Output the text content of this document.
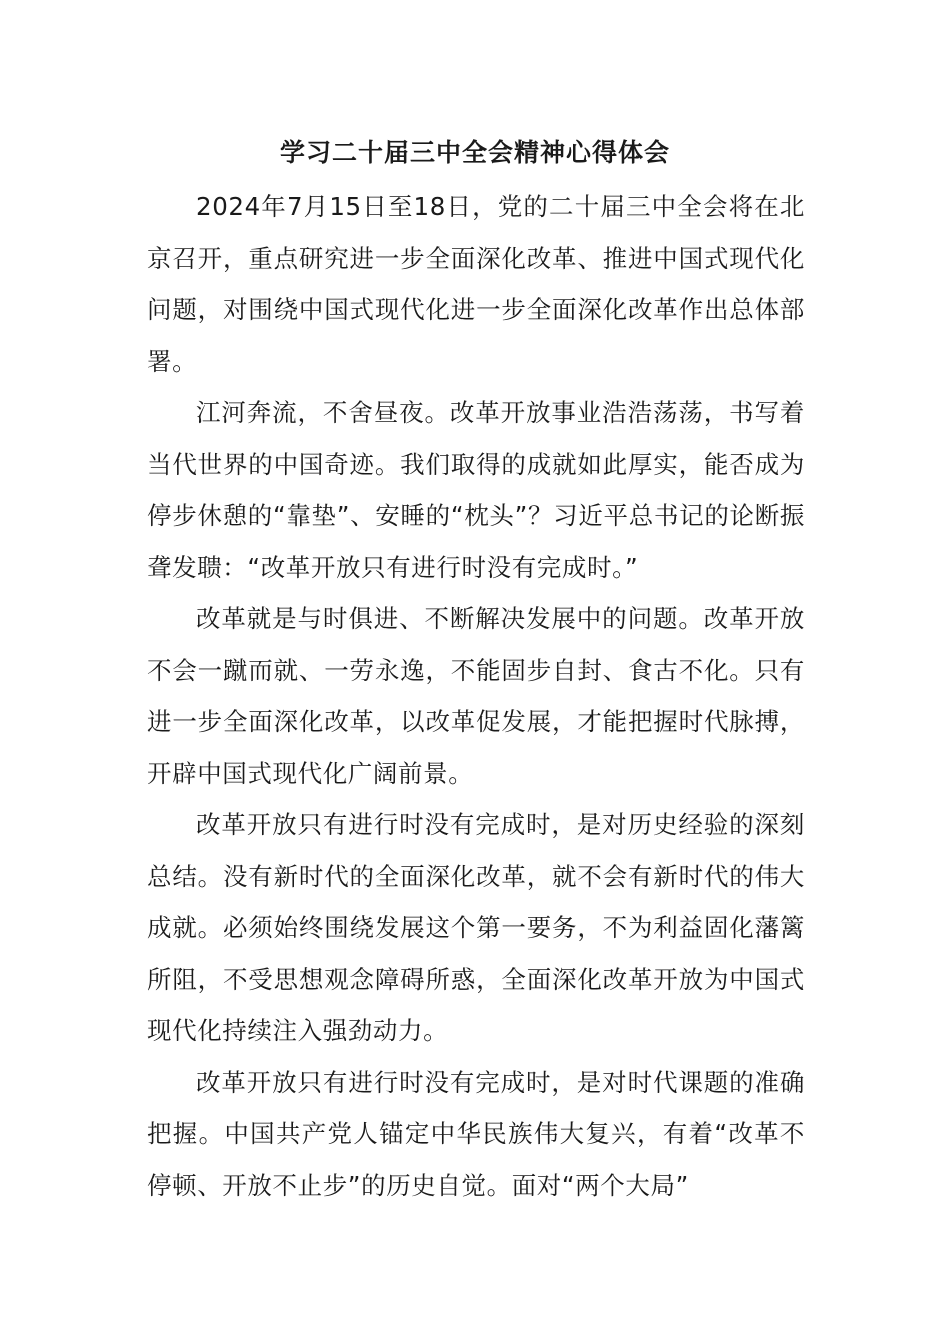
学习二十届三中全会精神心得体会

2024年7月15日至18日，党的二十届三中全会将在北京召开，重点研究进一步全面深化改革、推进中国式现代化问题，对围绕中国式现代化进一步全面深化改革作出总体部署。

江河奔流，不舍昼夜。改革开放事业浩浩荡荡，书写着当代世界的中国奇迹。我们取得的成就如此厚实，能否成为停步休憩的“靠垫”、安睡的“枕头”？习近平总书记的论断振聋发聩：“改革开放只有进行时没有完成时。”

改革就是与时俱进、不断解决发展中的问题。改革开放不会一蹴而就、一劳永逸，不能固步自封、食古不化。只有进一步全面深化改革，以改革促发展，才能把握时代脉搏，开辟中国式现代化广阔前景。

改革开放只有进行时没有完成时，是对历史经验的深刻总结。没有新时代的全面深化改革，就不会有新时代的伟大成就。必须始终围绕发展这个第一要务，不为利益固化藩篱所阻，不受思想观念障碍所惑，全面深化改革开放为中国式现代化持续注入强劲动力。

改革开放只有进行时没有完成时，是对时代课题的准确把握。中国共产党人锚定中华民族伟大复兴，有着“改革不停顿、开放不止步”的历史自觉。面对“两个大局”
